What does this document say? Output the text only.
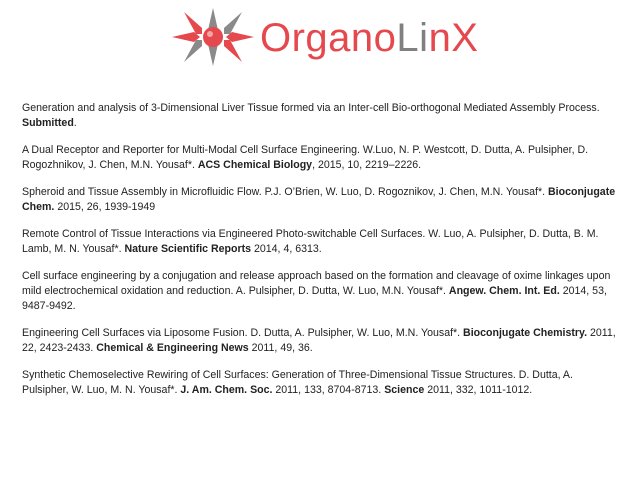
OrganoLinX

Generation and analysis of 3-Dimensional Liver Tissue formed via an Inter-cell Bio-orthogonal Mediated Assembly Process. Submitted.

A Dual Receptor and Reporter for Multi-Modal Cell Surface Engineering. W.Luo, N. P. Westcott, D. Dutta, A. Pulsipher, D. Rogozhnikov, J. Chen, M.N. Yousaf*. ACS Chemical Biology, 2015, 10, 2219–2226.

Spheroid and Tissue Assembly in Microfluidic Flow. P.J. O’Brien, W. Luo, D. Rogoznikov, J. Chen, M.N. Yousaf*. Bioconjugate Chem. 2015, 26, 1939-1949

Remote Control of Tissue Interactions via Engineered Photo-switchable Cell Surfaces. W. Luo, A. Pulsipher, D. Dutta, B. M. Lamb, M. N. Yousaf*. Nature Scientific Reports 2014, 4, 6313.

Cell surface engineering by a conjugation and release approach based on the formation and cleavage of oxime linkages upon mild electrochemical oxidation and reduction. A. Pulsipher, D. Dutta, W. Luo, M.N. Yousaf*. Angew. Chem. Int. Ed. 2014, 53, 9487-9492.

Engineering Cell Surfaces via Liposome Fusion. D. Dutta, A. Pulsipher, W. Luo, M.N. Yousaf*. Bioconjugate Chemistry. 2011, 22, 2423-2433. Chemical & Engineering News 2011, 49, 36.

Synthetic Chemoselective Rewiring of Cell Surfaces: Generation of Three-Dimensional Tissue Structures. D. Dutta, A. Pulsipher, W. Luo, M. N. Yousaf*. J. Am. Chem. Soc. 2011, 133, 8704-8713. Science 2011, 332, 1011-1012.
